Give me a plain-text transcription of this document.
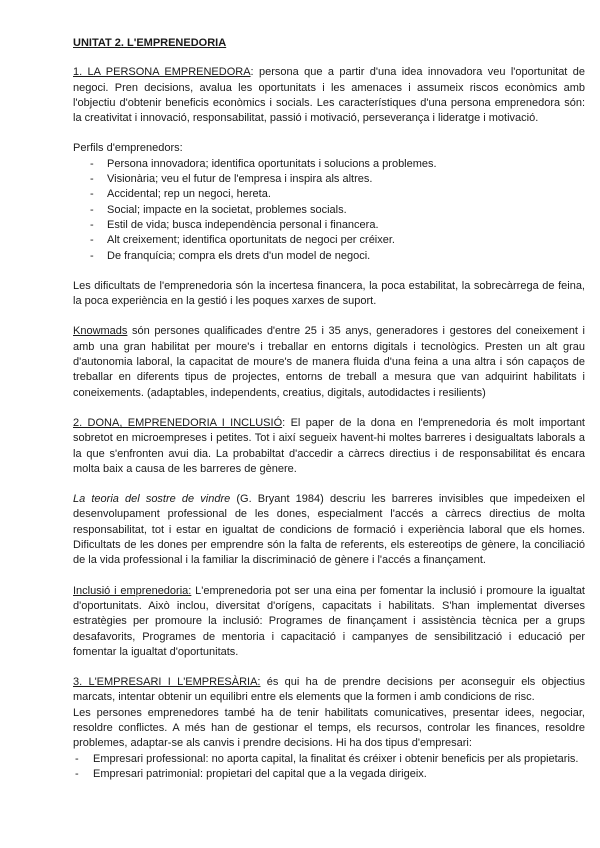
UNITAT 2. L'EMPRENEDORIA

1. LA PERSONA EMPRENEDORA: persona que a partir d'una idea innovadora veu l'oportunitat de negoci. Pren decisions, avalua les oportunitats i les amenaces i assumeix riscos econòmics amb l'objectiu d'obtenir beneficis econòmics i socials. Les característiques d'una persona emprenedora són: la creativitat i innovació, responsabilitat, passió i motivació, perseverança i lideratge i motivació.

Perfils d'emprenedors:

- Persona innovadora; identifica oportunitats i solucions a problemes.
- Visionària; veu el futur de l'empresa i inspira als altres.
- Accidental; rep un negoci, hereta.
- Social; impacte en la societat, problemes socials.
- Estil de vida; busca independència personal i financera.
- Alt creixement; identifica oportunitats de negoci per créixer.
- De franquícia; compra els drets d'un model de negoci.

Les dificultats de l'emprenedoria són la incertesa financera, la poca estabilitat, la sobrecàrrega de feina, la poca experiència en la gestió i les poques xarxes de suport.

Knowmads són persones qualificades d'entre 25 i 35 anys, generadores i gestores del coneixement i amb una gran habilitat per moure's i treballar en entorns digitals i tecnològics. Presten un alt grau d'autonomia laboral, la capacitat de moure's de manera fluida d'una feina a una altra i són capaços de treballar en diferents tipus de projectes, entorns de treball a mesura que van adquirint habilitats i coneixements. (adaptables, independents, creatius, digitals, autodidactes i resilients)

2. DONA, EMPRENEDORIA I INCLUSIÓ: El paper de la dona en l'emprenedoria és molt important sobretot en microempreses i petites. Tot i així segueix havent-hi moltes barreres i desigualtats laborals a la que s'enfronten avui dia. La probabiltat d'accedir a càrrecs directius i de responsabilitat és encara molta baix a causa de les barreres de gènere.

La teoria del sostre de vindre (G. Bryant 1984) descriu les barreres invisibles que impedeixen el desenvolupament professional de les dones, especialment l'accés a càrrecs directius de molta responsabilitat, tot i estar en igualtat de condicions de formació i experiència laboral que els homes. Dificultats de les dones per emprendre són la falta de referents, els estereotips de gènere, la conciliació de la vida professional i la familiar la discriminació de gènere i l'accés a finançament.

Inclusió i emprenedoria: L'emprenedoria pot ser una eina per fomentar la inclusió i promoure la igualtat d'oportunitats. Això inclou, diversitat d'orígens, capacitats i habilitats. S'han implementat diverses estratègies per promoure la inclusió: Programes de finançament i assistència tècnica per a grups desafavorits, Programes de mentoria i capacitació i campanyes de sensibilització i educació per fomentar la igualtat d'oportunitats.

3. L'EMPRESARI I L'EMPRESÀRIA: és qui ha de prendre decisions per aconseguir els objectius marcats, intentar obtenir un equilibri entre els elements que la formen i amb condicions de risc.

Les persones emprenedores també ha de tenir habilitats comunicatives, presentar idees, negociar, resoldre conflictes. A més han de gestionar el temps, els recursos, controlar les finances, resoldre problemes, adaptar-se als canvis i prendre decisions. Hi ha dos tipus d'empresari:

- Empresari professional: no aporta capital, la finalitat és créixer i obtenir beneficis per als propietaris.
- Empresari patrimonial: propietari del capital que a la vegada dirigeix.
